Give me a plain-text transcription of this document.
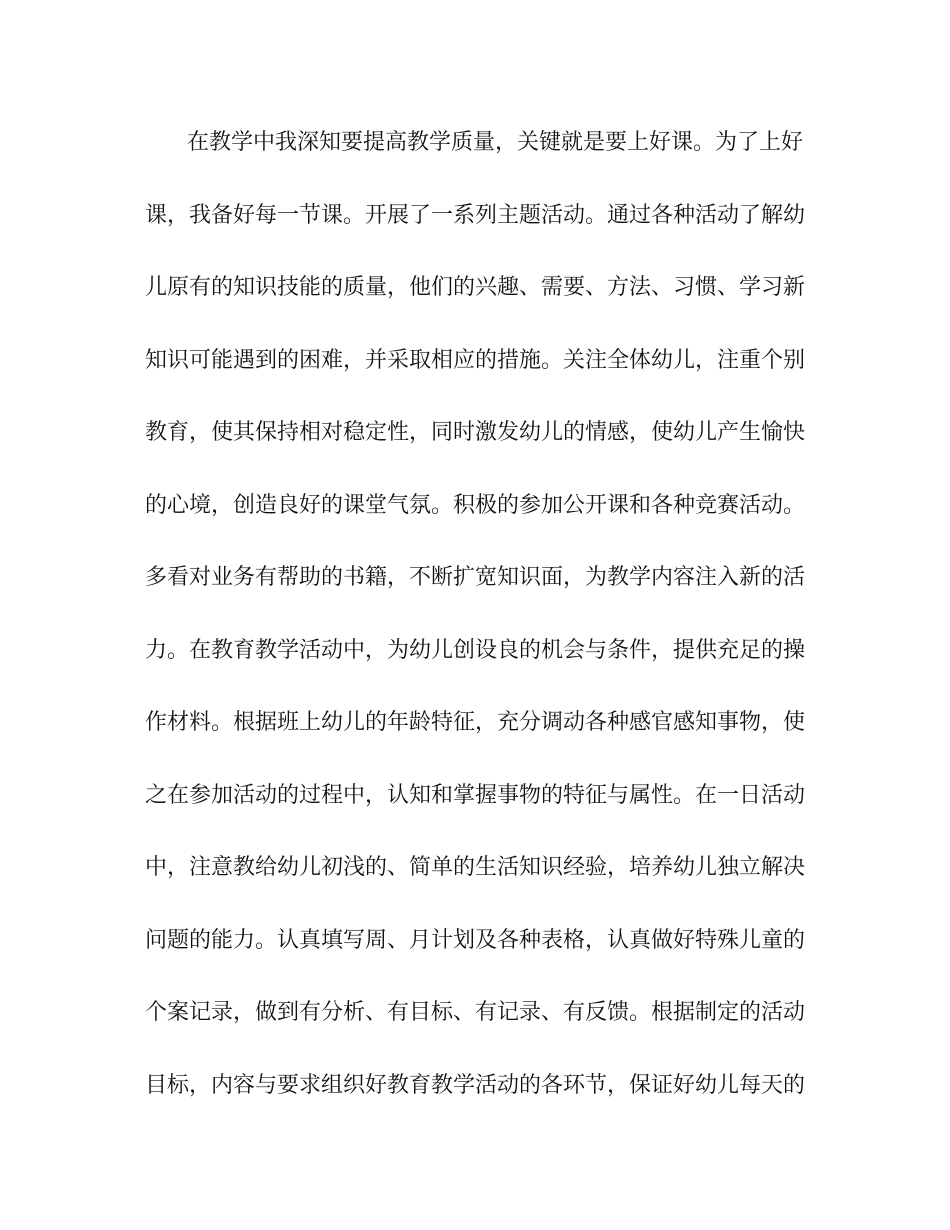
在教学中我深知要提高教学质量，关键就是要上好课。为了上好
课，我备好每一节课。开展了一系列主题活动。通过各种活动了解幼
儿原有的知识技能的质量，他们的兴趣、需要、方法、习惯、学习新
知识可能遇到的困难，并采取相应的措施。关注全体幼儿，注重个别
教育，使其保持相对稳定性，同时激发幼儿的情感，使幼儿产生愉快
的心境，创造良好的课堂气氛。积极的参加公开课和各种竞赛活动。
多看对业务有帮助的书籍，不断扩宽知识面，为教学内容注入新的活
力。在教育教学活动中，为幼儿创设良的机会与条件，提供充足的操
作材料。根据班上幼儿的年龄特征，充分调动各种感官感知事物，使
之在参加活动的过程中，认知和掌握事物的特征与属性。在一日活动
中，注意教给幼儿初浅的、简单的生活知识经验，培养幼儿独立解决
问题的能力。认真填写周、月计划及各种表格，认真做好特殊儿童的
个案记录，做到有分析、有目标、有记录、有反馈。根据制定的活动
目标，内容与要求组织好教育教学活动的各环节，保证好幼儿每天的
